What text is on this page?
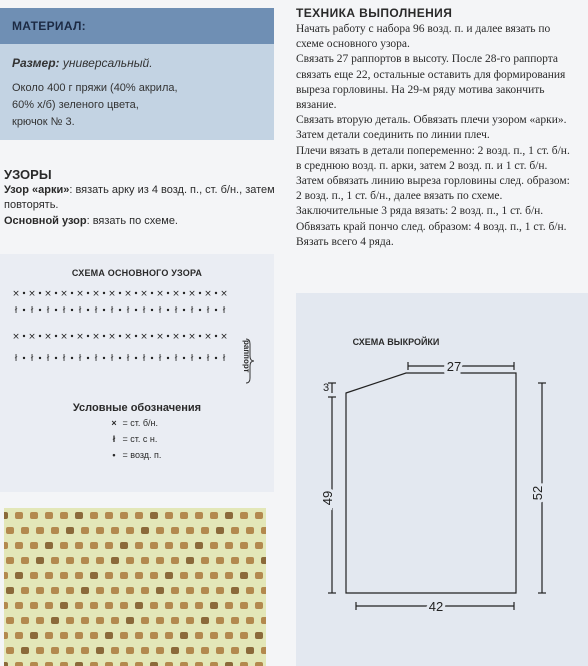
МАТЕРИАЛ:
Размер: универсальный.
Около 400 г пряжи (40% акрила,
60% х/б) зеленого цвета,
крючок № 3.
УЗОРЫ
Узор «арки»: вязать арку из 4 возд. п., ст. б/н., затем повторять.
Основной узор: вязать по схеме.
СХЕМА ОСНОВНОГО УЗОРА
× × × × × × × × × × × × × ×
ł ł ł ł ł ł ł ł ł ł ł ł ł ł
× × × × × × × × × × × × × ×
ł ł ł ł ł ł ł ł ł ł ł ł ł ł
Условные обозначения
× = ст. б/н.
ł = ст. с н.
• = возд. п.
раппорт
ТЕХНИКА ВЫПОЛНЕНИЯ

Начать работу с набора 96 возд. п. и далее вязать по схеме основного узора.

Связать 27 раппортов в высоту. После 28-го раппорта связать еще 22, остальные оставить для формирования выреза горловины. На 29-м ряду мотива закончить вязание.

Связать вторую деталь. Обвязать плечи узором «арки». Затем детали соединить по линии плеч.

Плечи вязать в детали попеременно: 2 возд. п., 1 ст. б/н. в среднюю возд. п. арки, затем 2 возд. п. и 1 ст. б/н. Затем обвязать линию выреза горловины след. образом: 2 возд. п., 1 ст. б/н., далее вязать по схеме.

Заключительные 3 ряда вязать: 2 возд. п., 1 ст. б/н.

Обвязать край пончо след. образом: 4 возд. п., 1 ст. б/н. Вязать всего 4 ряда.

СХЕМА ВЫКРОЙКИ
27
3
49	52
42
